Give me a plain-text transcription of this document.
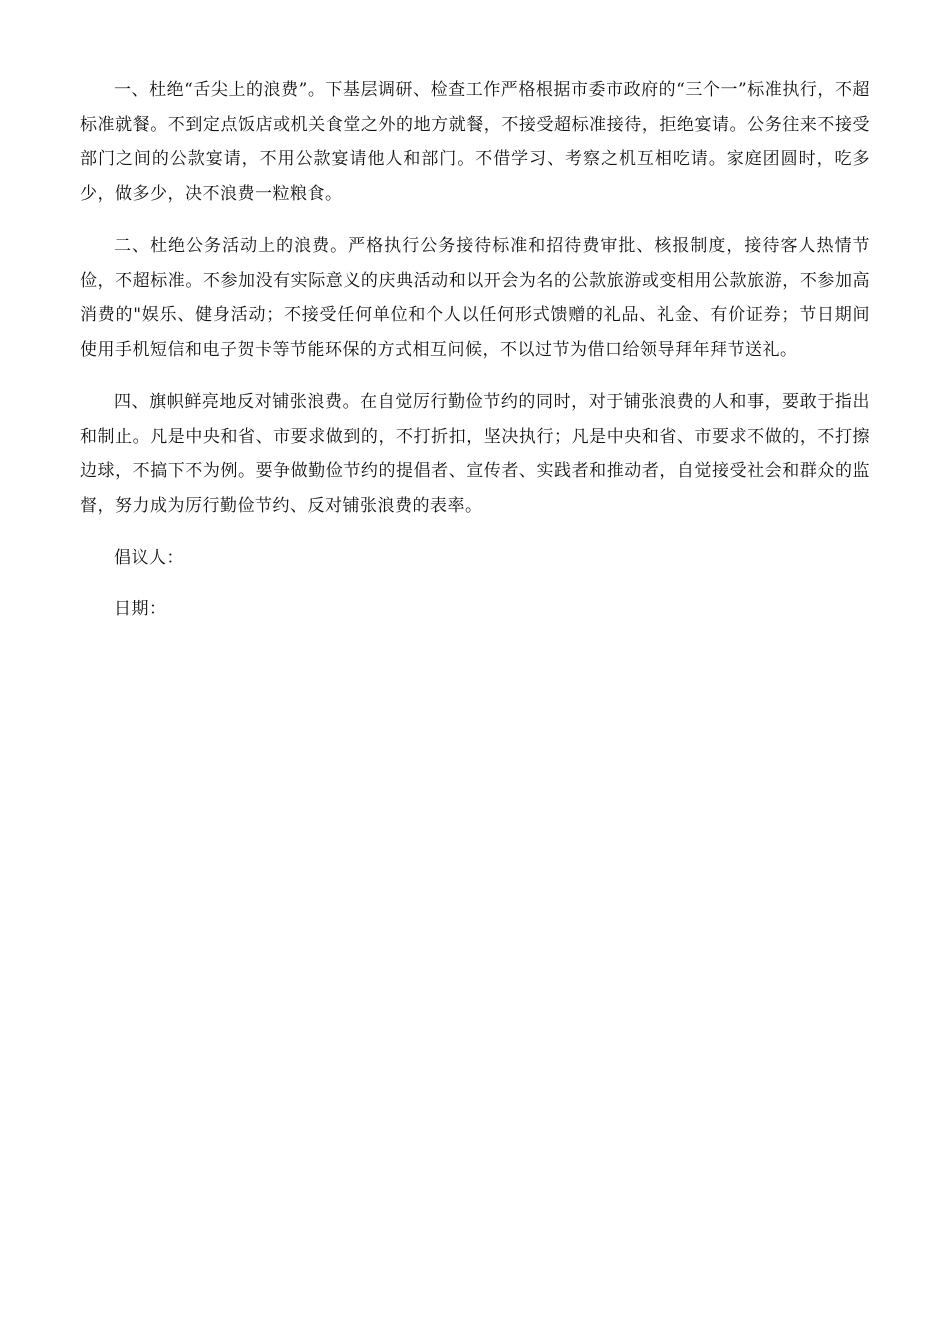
一、杜绝“舌尖上的浪费”。下基层调研、检查工作严格根据市委市政府的“三个一”标准执行，不超标准就餐。不到定点饭店或机关食堂之外的地方就餐，不接受超标准接待，拒绝宴请。公务往来不接受部门之间的公款宴请，不用公款宴请他人和部门。不借学习、考察之机互相吃请。家庭团圆时，吃多少，做多少，决不浪费一粒粮食。

二、杜绝公务活动上的浪费。严格执行公务接待标准和招待费审批、核报制度，接待客人热情节俭，不超标准。不参加没有实际意义的庆典活动和以开会为名的公款旅游或变相用公款旅游，不参加高消费的"娱乐、健身活动；不接受任何单位和个人以任何形式馈赠的礼品、礼金、有价证券；节日期间使用手机短信和电子贺卡等节能环保的方式相互问候，不以过节为借口给领导拜年拜节送礼。

四、旗帜鲜亮地反对铺张浪费。在自觉厉行勤俭节约的同时，对于铺张浪费的人和事，要敢于指出和制止。凡是中央和省、市要求做到的，不打折扣，坚决执行；凡是中央和省、市要求不做的，不打擦边球，不搞下不为例。要争做勤俭节约的提倡者、宣传者、实践者和推动者，自觉接受社会和群众的监督，努力成为厉行勤俭节约、反对铺张浪费的表率。

倡议人：

日期：
